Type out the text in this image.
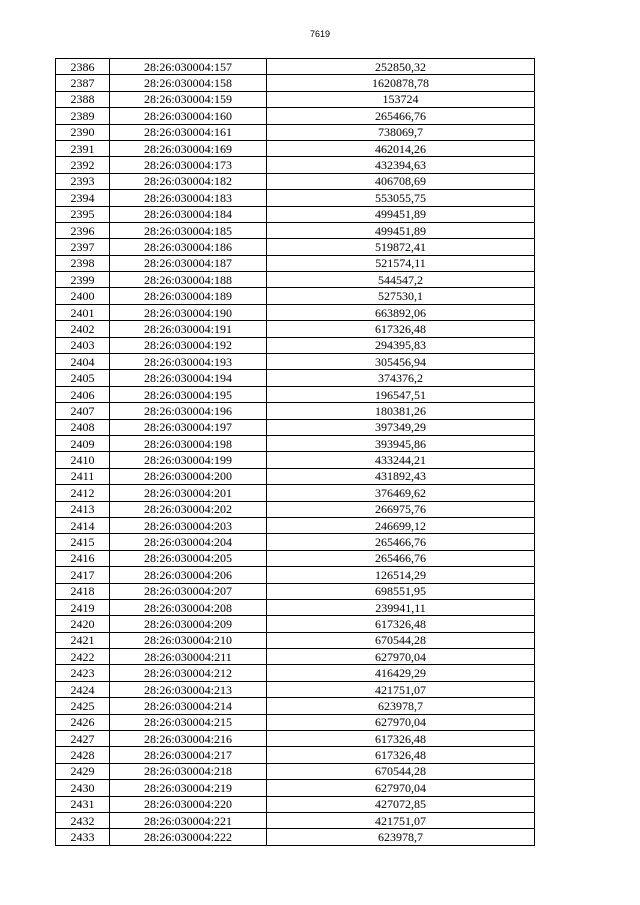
7619
2386	28:26:030004:157	252850,32
2387	28:26:030004:158	1620878,78
2388	28:26:030004:159	153724
2389	28:26:030004:160	265466,76
2390	28:26:030004:161	738069,7
2391	28:26:030004:169	462014,26
2392	28:26:030004:173	432394,63
2393	28:26:030004:182	406708,69
2394	28:26:030004:183	553055,75
2395	28:26:030004:184	499451,89
2396	28:26:030004:185	499451,89
2397	28:26:030004:186	519872,41
2398	28:26:030004:187	521574,11
2399	28:26:030004:188	544547,2
2400	28:26:030004:189	527530,1
2401	28:26:030004:190	663892,06
2402	28:26:030004:191	617326,48
2403	28:26:030004:192	294395,83
2404	28:26:030004:193	305456,94
2405	28:26:030004:194	374376,2
2406	28:26:030004:195	196547,51
2407	28:26:030004:196	180381,26
2408	28:26:030004:197	397349,29
2409	28:26:030004:198	393945,86
2410	28:26:030004:199	433244,21
2411	28:26:030004:200	431892,43
2412	28:26:030004:201	376469,62
2413	28:26:030004:202	266975,76
2414	28:26:030004:203	246699,12
2415	28:26:030004:204	265466,76
2416	28:26:030004:205	265466,76
2417	28:26:030004:206	126514,29
2418	28:26:030004:207	698551,95
2419	28:26:030004:208	239941,11
2420	28:26:030004:209	617326,48
2421	28:26:030004:210	670544,28
2422	28:26:030004:211	627970,04
2423	28:26:030004:212	416429,29
2424	28:26:030004:213	421751,07
2425	28:26:030004:214	623978,7
2426	28:26:030004:215	627970,04
2427	28:26:030004:216	617326,48
2428	28:26:030004:217	617326,48
2429	28:26:030004:218	670544,28
2430	28:26:030004:219	627970,04
2431	28:26:030004:220	427072,85
2432	28:26:030004:221	421751,07
2433	28:26:030004:222	623978,7
